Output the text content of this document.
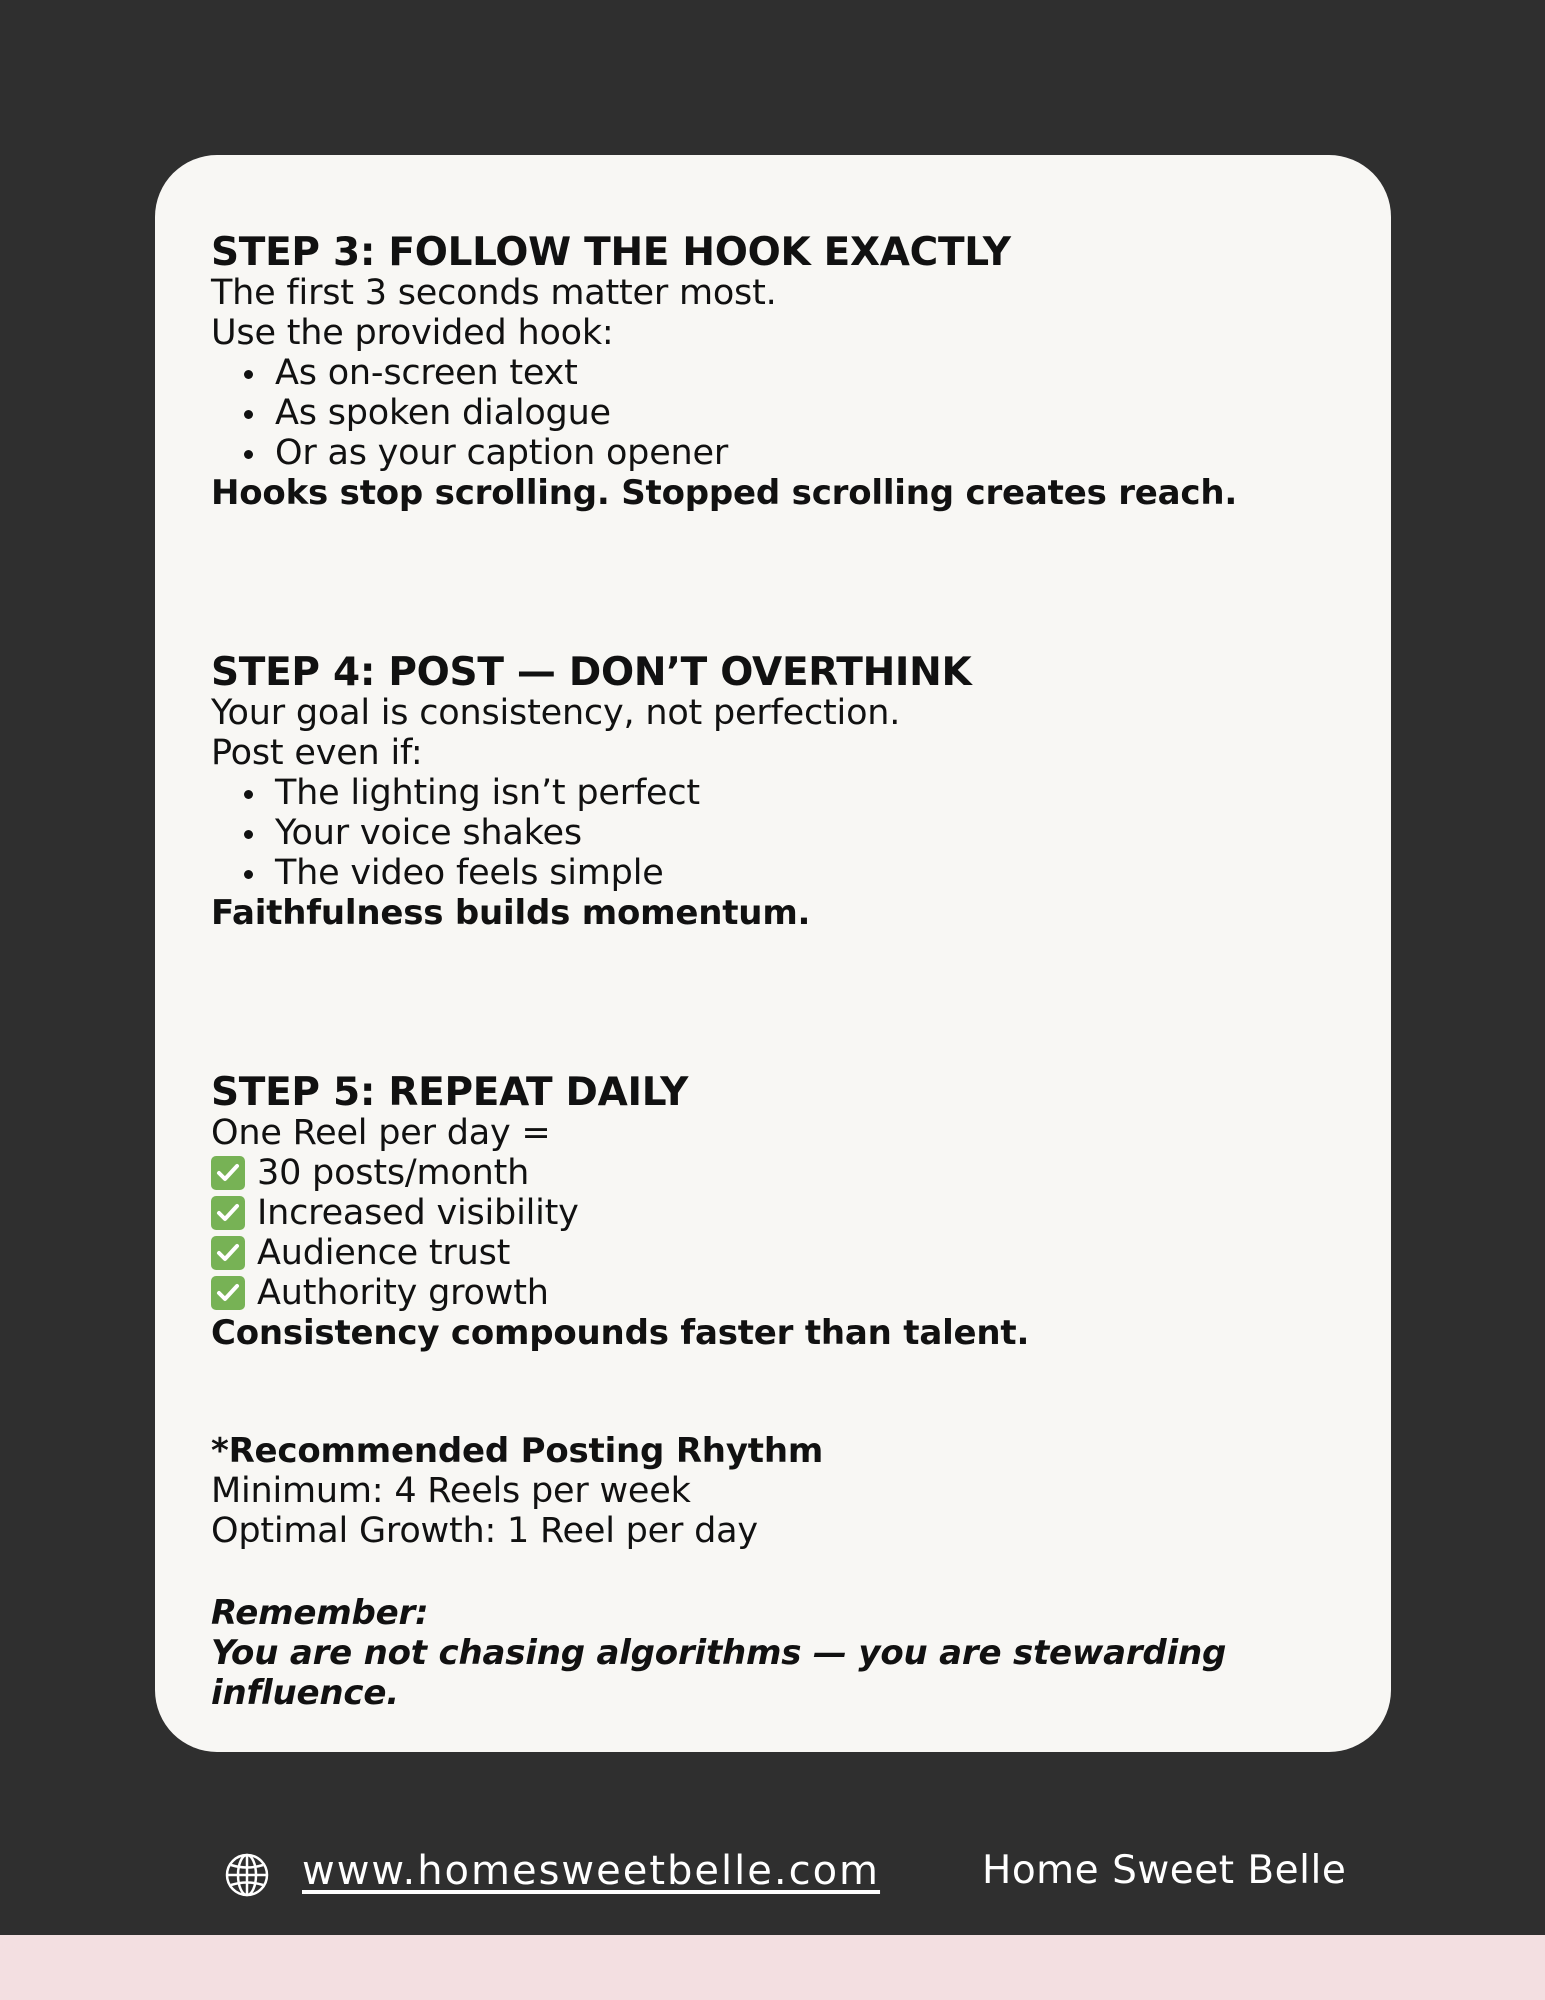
STEP 3: FOLLOW THE HOOK EXACTLY
The first 3 seconds matter most.
Use the provided hook:
As on-screen text
As spoken dialogue
Or as your caption opener
Hooks stop scrolling. Stopped scrolling creates reach.
STEP 4: POST — DON’T OVERTHINK
Your goal is consistency, not perfection.
Post even if:
The lighting isn’t perfect
Your voice shakes
The video feels simple
Faithfulness builds momentum.
STEP 5: REPEAT DAILY
One Reel per day =
30 posts/month
Increased visibility
Audience trust
Authority growth
Consistency compounds faster than talent.
*Recommended Posting Rhythm
Minimum: 4 Reels per week
Optimal Growth: 1 Reel per day
Remember:
You are not chasing algorithms — you are stewarding
influence.
www.homesweetbelle.com	Home Sweet Belle
